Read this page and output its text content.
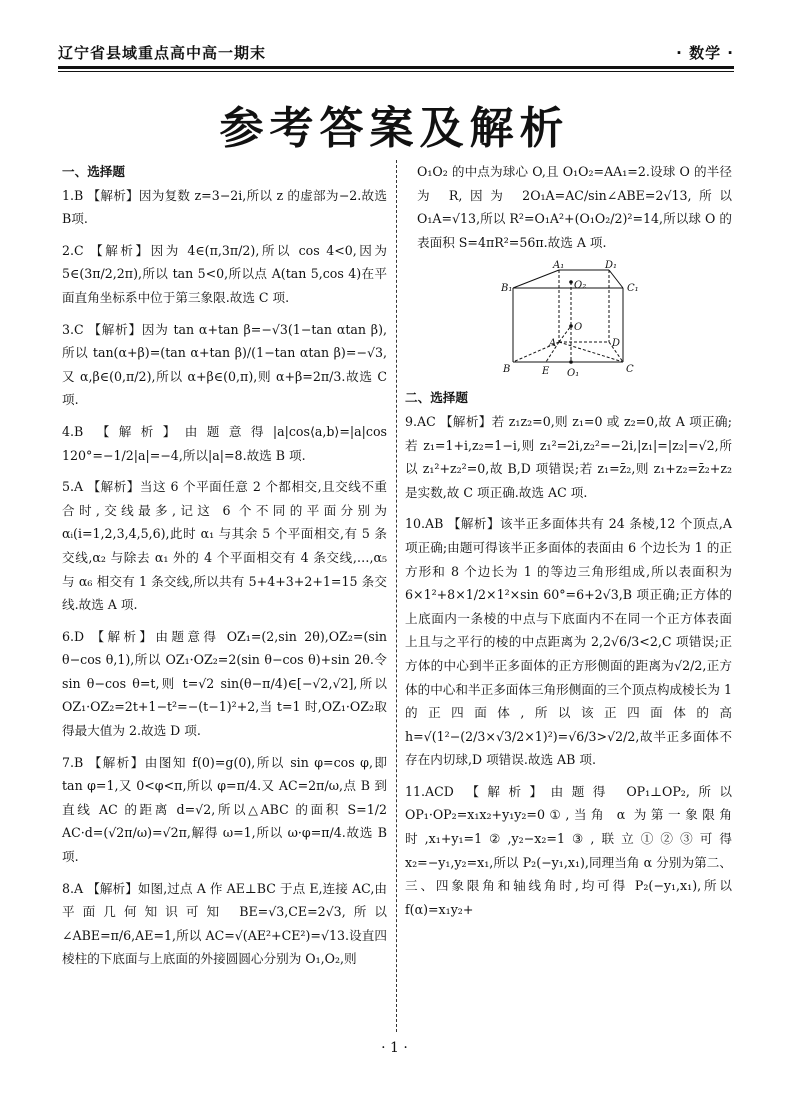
辽宁省县域重点高中高一期末	· 数学 ·
参考答案及解析
一、选择题
1.B 【解析】因为复数 z=3−2i,所以 z 的虚部为−2.故选B项.
2.C 【解析】因为 4∈(π,3π/2),所以 cos 4<0,因为 5∈(3π/2,2π),所以 tan 5<0,所以点 A(tan 5,cos 4)在平面直角坐标系中位于第三象限.故选 C 项.
3.C 【解析】因为 tan α+tan β=−√3(1−tan αtan β),所以 tan(α+β)=(tan α+tan β)/(1−tan αtan β)=−√3,又 α,β∈(0,π/2),所以 α+β∈(0,π),则 α+β=2π/3.故选 C 项.
4.B 【解析】由题意得|a|cos⟨a,b⟩=|a|cos 120°=−1/2|a|=−4,所以|a|=8.故选 B 项.
5.A 【解析】当这 6 个平面任意 2 个都相交,且交线不重合时,交线最多,记这 6 个不同的平面分别为 αᵢ(i=1,2,3,4,5,6),此时 α₁ 与其余 5 个平面相交,有 5 条交线,α₂ 与除去 α₁ 外的 4 个平面相交有 4 条交线,…,α₅ 与 α₆ 相交有 1 条交线,所以共有 5+4+3+2+1=15 条交线.故选 A 项.
6.D 【解析】由题意得 OZ₁=(2,sin 2θ),OZ₂=(sin θ−cos θ,1),所以 OZ₁·OZ₂=2(sin θ−cos θ)+sin 2θ.令 sin θ−cos θ=t,则 t=√2 sin(θ−π/4)∈[−√2,√2],所以 OZ₁·OZ₂=2t+1−t²=−(t−1)²+2,当 t=1 时,OZ₁·OZ₂取得最大值为 2.故选 D 项.
7.B 【解析】由图知 f(0)=g(0),所以 sin φ=cos φ,即 tan φ=1,又 0<φ<π,所以 φ=π/4.又 AC=2π/ω,点 B 到直线 AC 的距离 d=√2,所以△ABC 的面积 S=1/2 AC·d=(√2π/ω)=√2π,解得 ω=1,所以 ω·φ=π/4.故选 B 项.
8.A 【解析】如图,过点 A 作 AE⊥BC 于点 E,连接 AC,由平面几何知识可知 BE=√3,CE=2√3,所以∠ABE=π/6,AE=1,所以 AC=√(AE²+CE²)=√13.设直四棱柱的下底面与上底面的外接圆圆心分别为 O₁,O₂,则
O₁O₂ 的中点为球心 O,且 O₁O₂=AA₁=2.设球 O 的半径为 R,因为 2O₁A=AC/sin∠ABE=2√13,所以 O₁A=√13,所以 R²=O₁A²+(O₁O₂/2)²=14,所以球 O 的表面积 S=4πR²=56π.故选 A 项.
A₁	D₁
B₁	C₁
O₂
O
A	D
B	E O₁	C
二、选择题
9.AC 【解析】若 z₁z₂=0,则 z₁=0 或 z₂=0,故 A 项正确;若 z₁=1+i,z₂=1−i,则 z₁²=2i,z₂²=−2i,|z₁|=|z₂|=√2,所以 z₁²+z₂²=0,故 B,D 项错误;若 z₁=z̄₂,则 z₁+z₂=z̄₂+z₂ 是实数,故 C 项正确.故选 AC 项.
10.AB 【解析】该半正多面体共有 24 条棱,12 个顶点,A 项正确;由题可得该半正多面体的表面由 6 个边长为 1 的正方形和 8 个边长为 1 的等边三角形组成,所以表面积为 6×1²+8×1/2×1²×sin 60°=6+2√3,B 项正确;正方体的上底面内一条棱的中点与下底面内不在同一个正方体表面上且与之平行的棱的中点距离为 2,2√6/3<2,C 项错误;正方体的中心到半正多面体的正方形侧面的距离为√2/2,正方体的中心和半正多面体三角形侧面的三个顶点构成棱长为 1 的正四面体,所以该正四面体的高 h=√(1²−(2/3×√3/2×1)²)=√6/3>√2/2,故半正多面体不存在内切球,D 项错误.故选 AB 项.
11.ACD 【解析】由题得 OP₁⊥OP₂,所以 OP₁·OP₂=x₁x₂+y₁y₂=0①,当角 α 为第一象限角时,x₁+y₁=1②,y₂−x₂=1③,联立①②③可得 x₂=−y₁,y₂=x₁,所以 P₂(−y₁,x₁),同理当角 α 分别为第二、三、四象限角和轴线角时,均可得 P₂(−y₁,x₁),所以 f(α)=x₁y₂+
· 1 ·
